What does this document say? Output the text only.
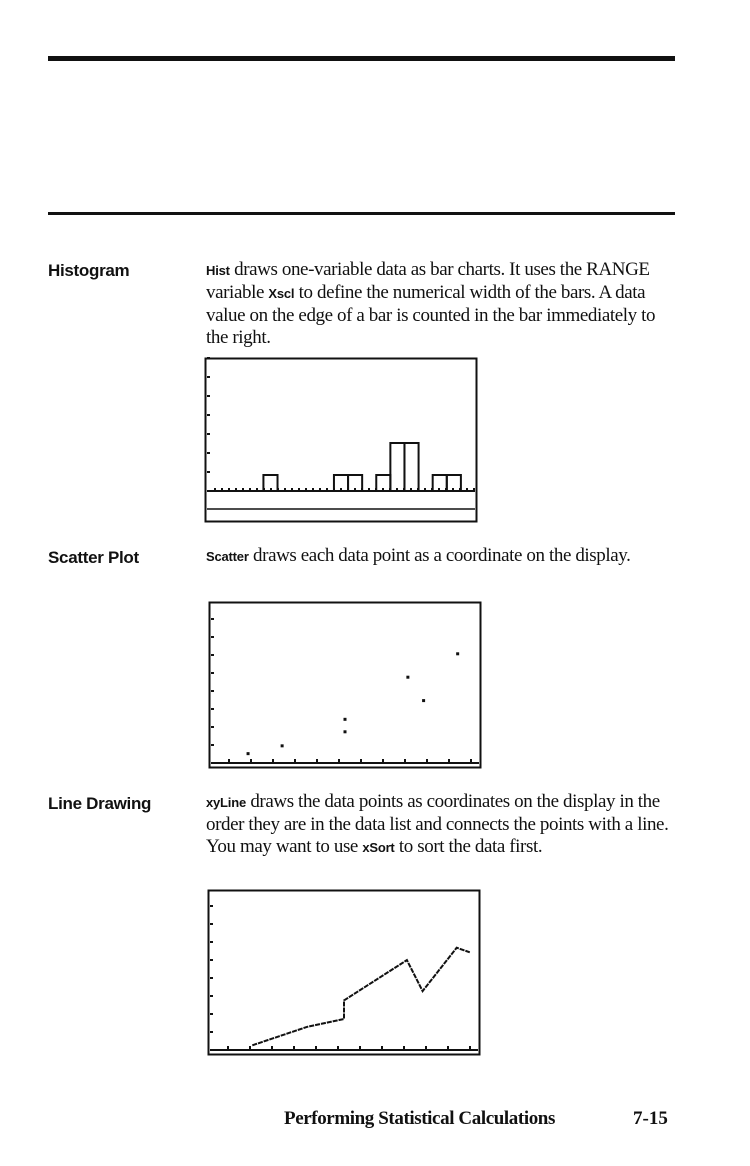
Histogram	Hist draws one-variable data as bar charts. It uses the RANGE variable Xscl to define the numerical width of the bars. A data value on the edge of a bar is counted in the bar immediately to the right.
Scatter Plot	Scatter draws each data point as a coordinate on the display.
Line Drawing	xyLine draws the data points as coordinates on the display in the order they are in the data list and connects the points with a line. You may want to use xSort to sort the data first.
Performing Statistical Calculations	7-15
